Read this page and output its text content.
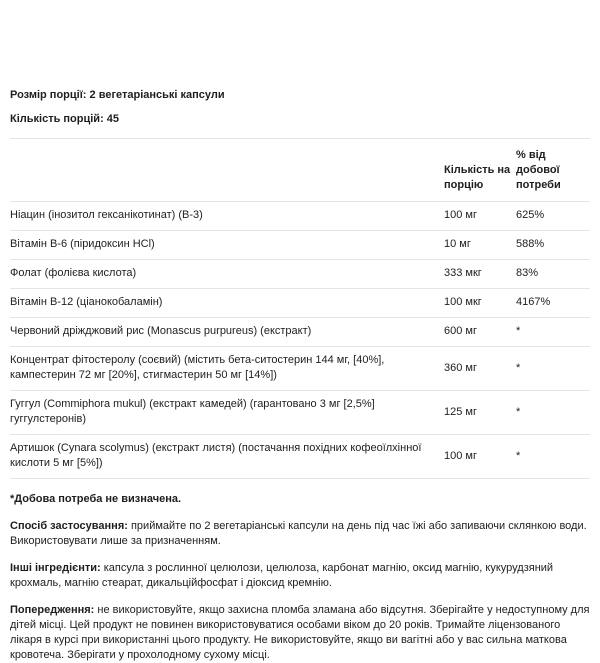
Розмір порції: 2 вегетаріанські капсули

Кількість порцій: 45

	Кількість на порцію	% від добової потреби
Ніацин (інозитол гексанікотинат) (B-3)	100 мг	625%
Вітамін B-6 (піридоксин HCl)	10 мг	588%
Фолат (фолієва кислота)	333 мкг	83%
Вітамін B-12 (ціанокобаламін)	100 мкг	4167%
Червоний дріжджовий рис (Monascus purpureus) (екстракт)	600 мг	*
Концентрат фітостеролу (соєвий) (містить бета-ситостерин 144 мг, [40%], кампестерин 72 мг [20%], стигмастерин 50 мг [14%])	360 мг	*
Гуггул (Commiphora mukul) (екстракт камедей) (гарантовано 3 мг [2,5%] гуггулстеронів)	125 мг	*
Артишок (Cynara scolymus) (екстракт листя) (постачання похідних кофеоїлхінної кислоти 5 мг [5%])	100 мг	*

*Добова потреба не визначена.

Спосіб застосування: приймайте по 2 вегетаріанські капсули на день під час їжі або запиваючи склянкою води. Використовувати лише за призначенням.

Інші інгредієнти: капсула з рослинної целюлози, целюлоза, карбонат магнію, оксид магнію, кукурудзяний крохмаль, магнію стеарат, дикальційфосфат і діоксид кремнію.

Попередження: не використовуйте, якщо захисна пломба зламана або відсутня. Зберігайте у недоступному для дітей місці. Цей продукт не повинен використовуватися особами віком до 20 років. Тримайте ліцензованого лікаря в курсі при використанні цього продукту. Не використовуйте, якщо ви вагітні або у вас сильна маткова кровотеча. Зберігати у прохолодному сухому місці.
